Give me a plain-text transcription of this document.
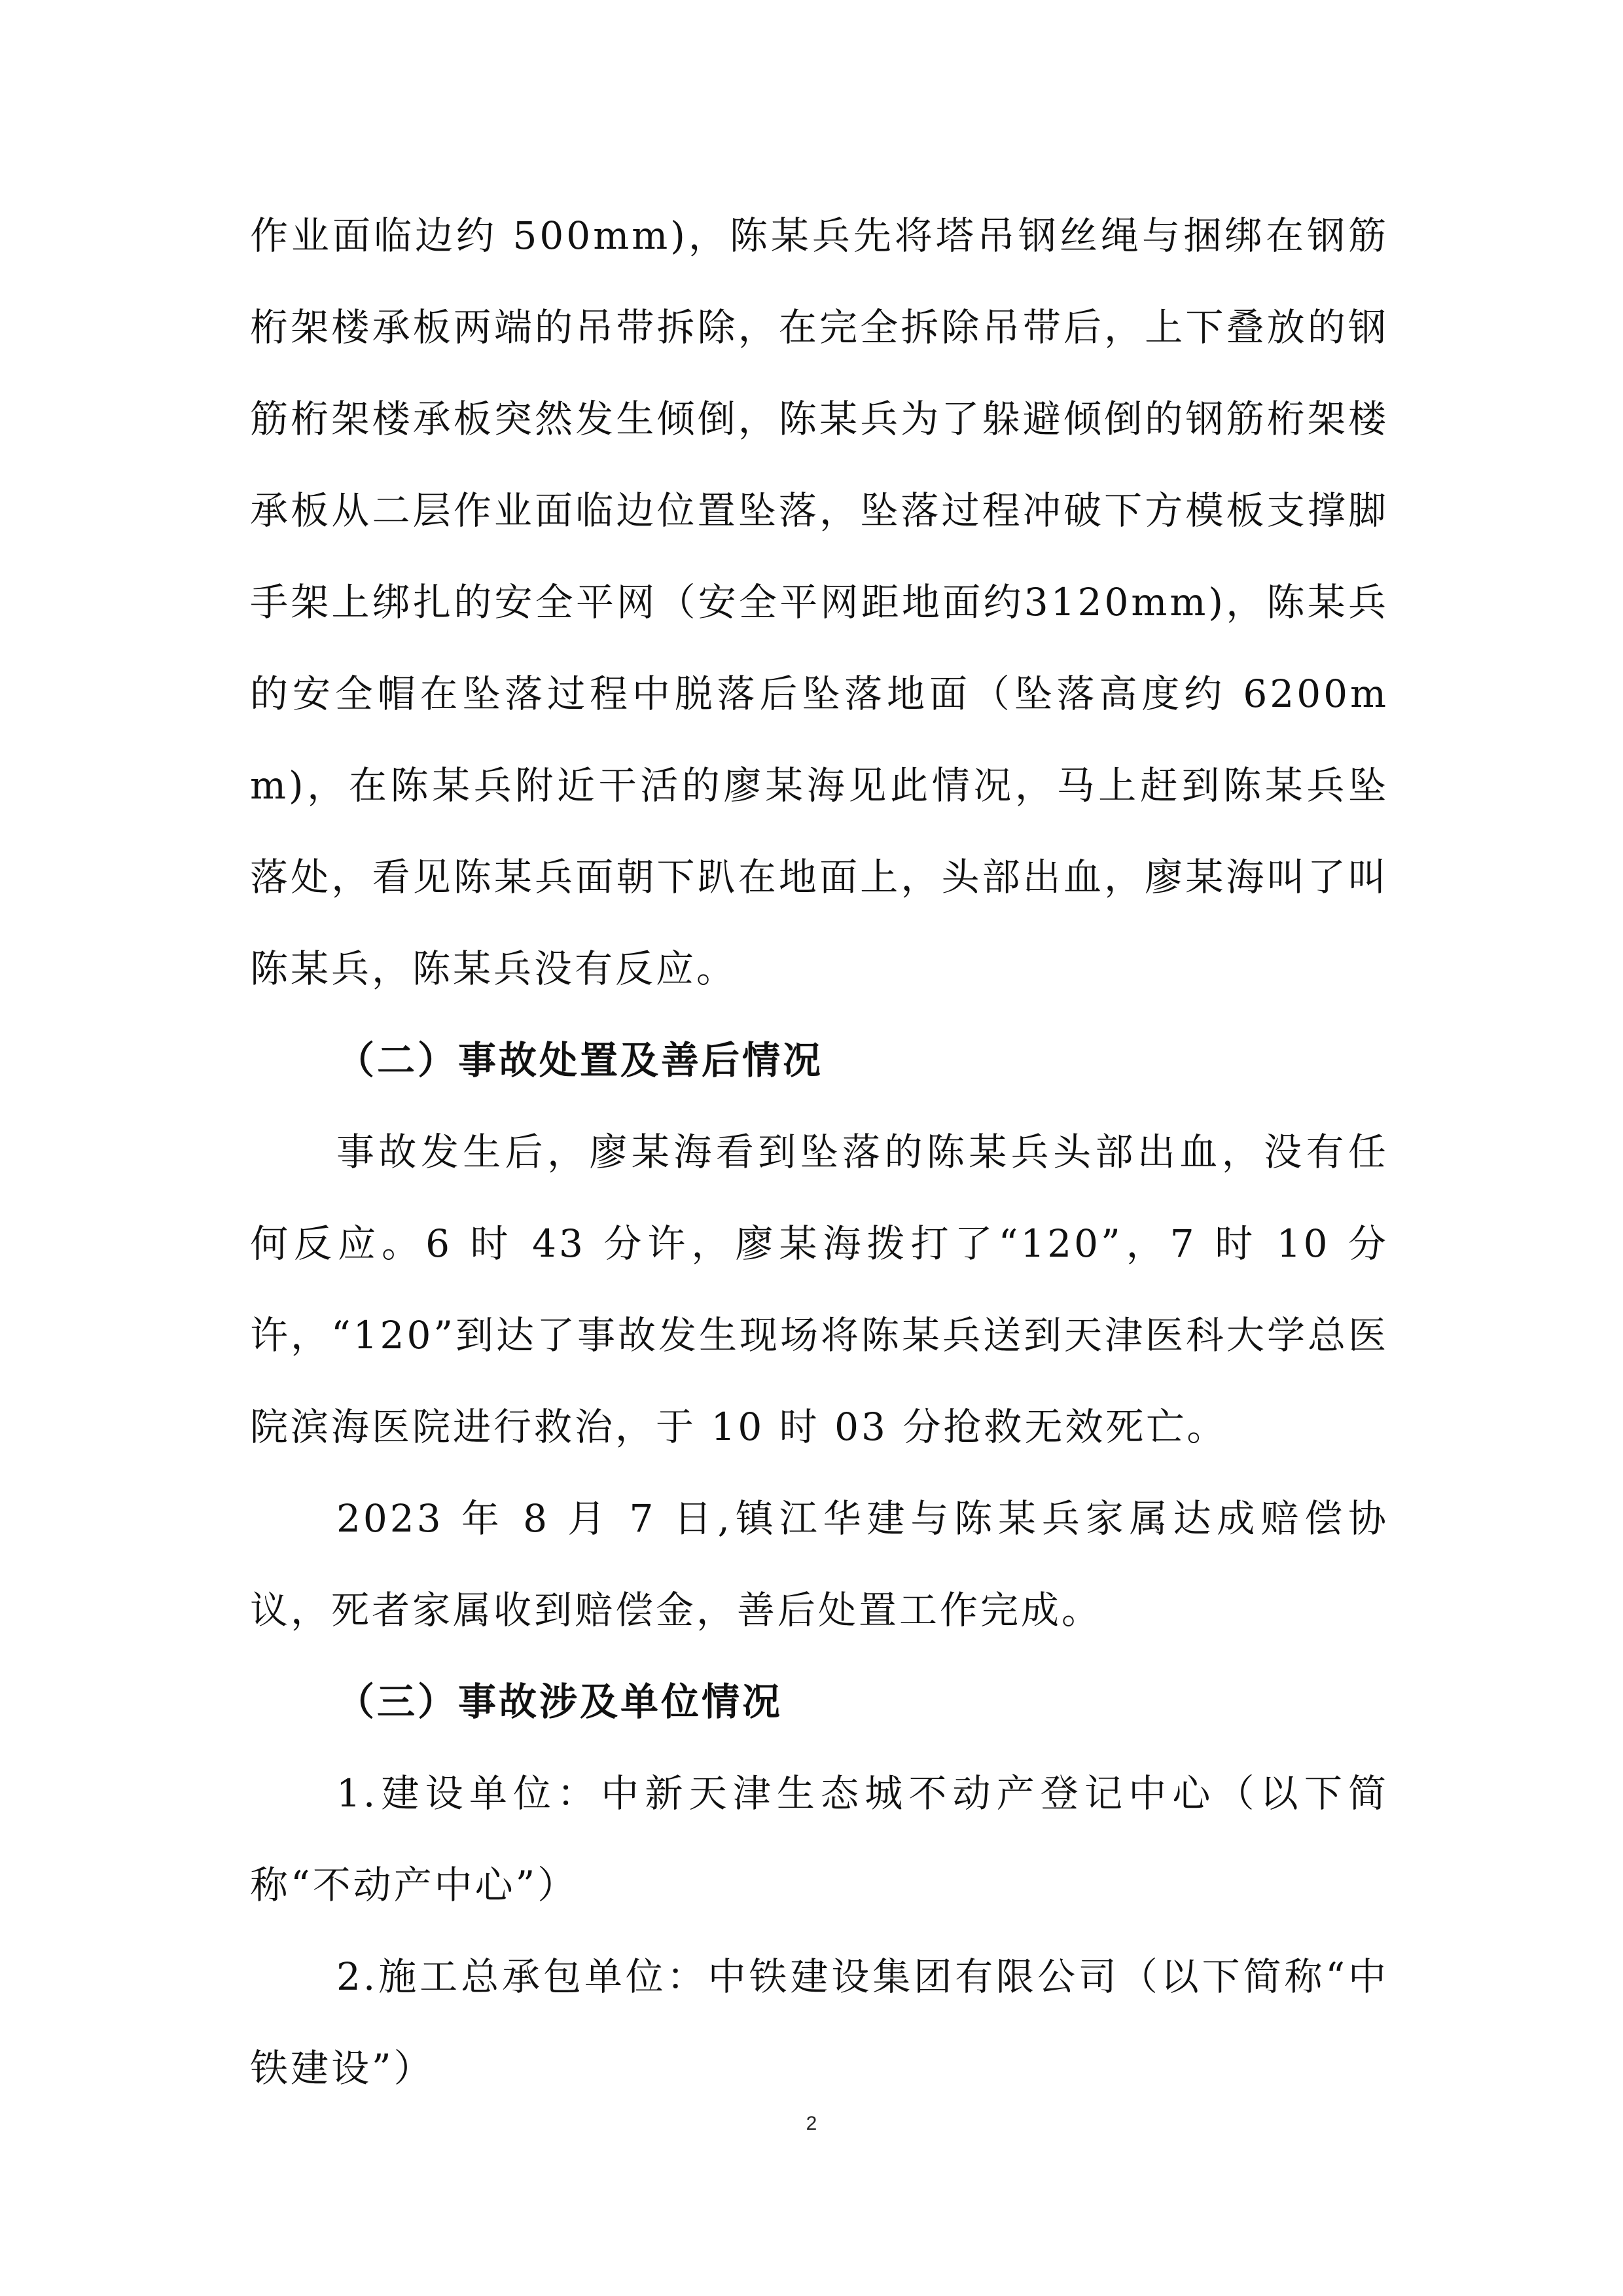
作业面临边约 500mm)，陈某兵先将塔吊钢丝绳与捆绑在钢筋桁架楼承板两端的吊带拆除，在完全拆除吊带后，上下叠放的钢筋桁架楼承板突然发生倾倒，陈某兵为了躲避倾倒的钢筋桁架楼承板从二层作业面临边位置坠落，坠落过程冲破下方模板支撑脚手架上绑扎的安全平网（安全平网距地面约3120mm)，陈某兵的安全帽在坠落过程中脱落后坠落地面（坠落高度约 6200mm)，在陈某兵附近干活的廖某海见此情况，马上赶到陈某兵坠落处，看见陈某兵面朝下趴在地面上，头部出血，廖某海叫了叫陈某兵，陈某兵没有反应。

（二）事故处置及善后情况

事故发生后，廖某海看到坠落的陈某兵头部出血，没有任何反应。6 时 43 分许，廖某海拨打了“120”，7 时 10 分许，“120”到达了事故发生现场将陈某兵送到天津医科大学总医院滨海医院进行救治，于 10 时 03 分抢救无效死亡。

2023 年 8 月 7 日,镇江华建与陈某兵家属达成赔偿协议，死者家属收到赔偿金，善后处置工作完成。

（三）事故涉及单位情况

1.建设单位：中新天津生态城不动产登记中心（以下简称“不动产中心”）

2.施工总承包单位：中铁建设集团有限公司（以下简称“中铁建设”）

2
